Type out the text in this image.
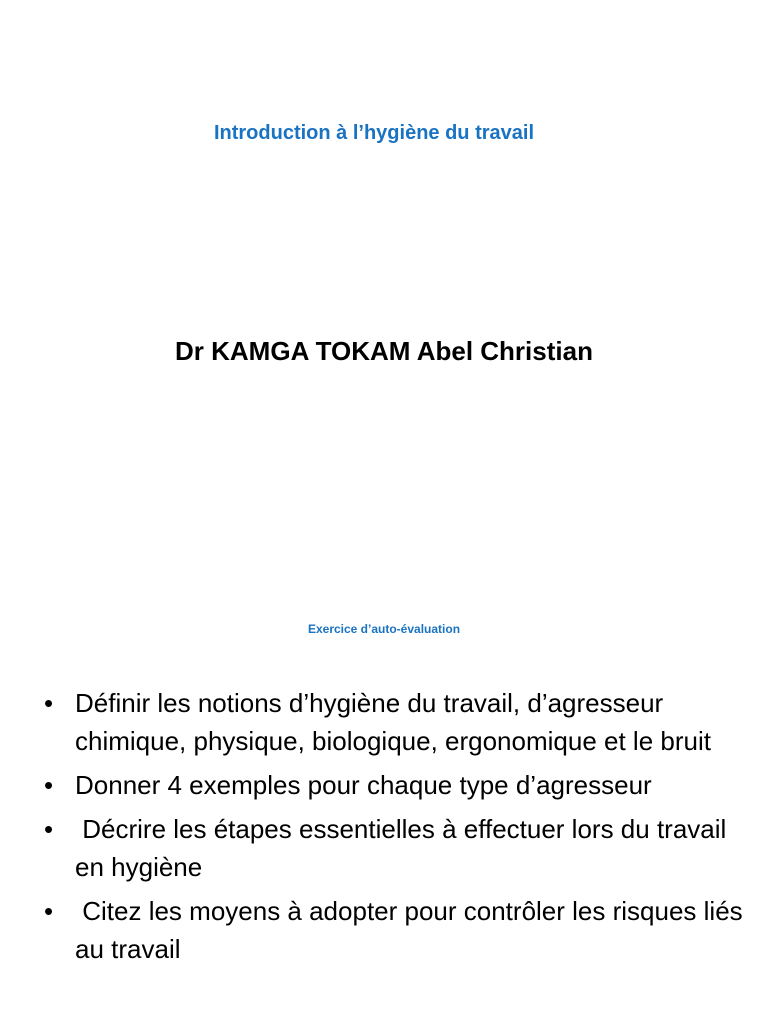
Introduction à l’hygiène du travail
Dr KAMGA TOKAM Abel Christian
Exercice d’auto-évaluation
• Définir les notions d’hygiène du travail, d’agresseur chimique, physique, biologique, ergonomique et le bruit
• Donner 4 exemples pour chaque type d’agresseur
• Décrire les étapes essentielles à effectuer lors du travail en hygiène
• Citez les moyens à adopter pour contrôler les risques liés au travail
